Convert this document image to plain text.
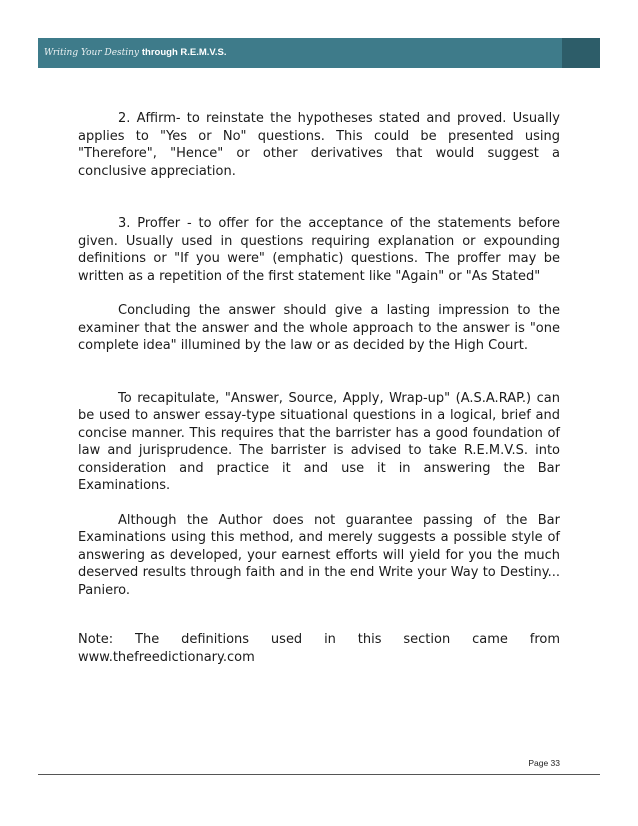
Writing Your Destiny through R.E.M.V.S.

2. Affirm- to reinstate the hypotheses stated and proved. Usually applies to "Yes or No" questions. This could be presented using "Therefore", "Hence" or other derivatives that would suggest a conclusive appreciation.

3. Proffer - to offer for the acceptance of the statements before given. Usually used in questions requiring explanation or expounding definitions or "If you were" (emphatic) questions. The proffer may be written as a repetition of the first statement like "Again" or "As Stated"

Concluding the answer should give a lasting impression to the examiner that the answer and the whole approach to the answer is "one complete idea" illumined by the law or as decided by the High Court.

To recapitulate, "Answer, Source, Apply, Wrap-up" (A.S.A.RAP.) can be used to answer essay-type situational questions in a logical, brief and concise manner. This requires that the barrister has a good foundation of law and jurisprudence. The barrister is advised to take R.E.M.V.S. into consideration and practice it and use it in answering the Bar Examinations.

Although the Author does not guarantee passing of the Bar Examinations using this method, and merely suggests a possible style of answering as developed, your earnest efforts will yield for you the much deserved results through faith and in the end Write your Way to Destiny... Paniero.

Note: The definitions used in this section came from

www.thefreedictionary.com

Page 33
